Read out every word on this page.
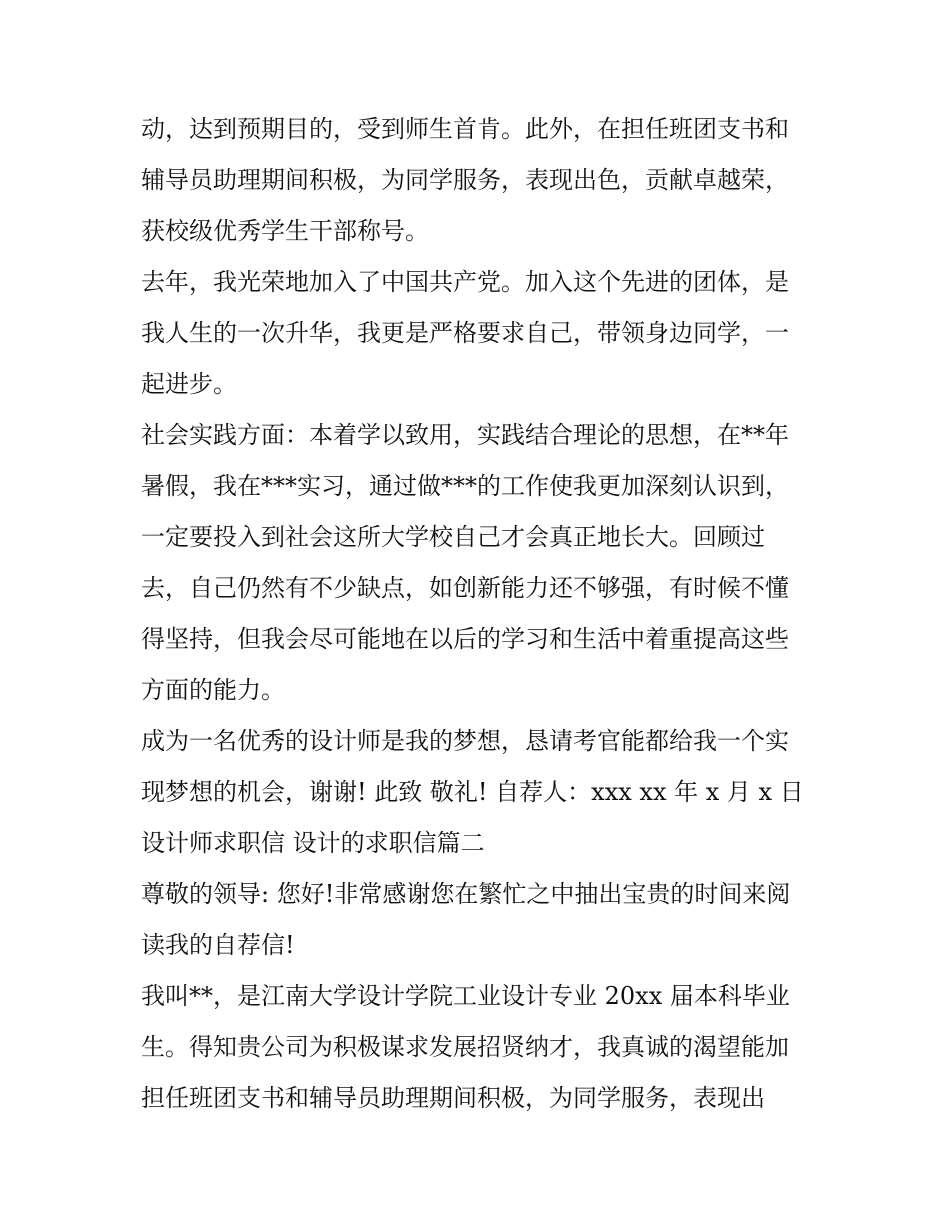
动，达到预期目的，受到师生首肯。此外，在担任班团支书和
辅导员助理期间积极，为同学服务，表现出色，贡献卓越荣，
获校级优秀学生干部称号。
去年，我光荣地加入了中国共产党。加入这个先进的团体，是
我人生的一次升华，我更是严格要求自己，带领身边同学，一
起进步。
社会实践方面：本着学以致用，实践结合理论的思想，在**年
暑假，我在***实习，通过做***的工作使我更加深刻认识到，
一定要投入到社会这所大学校自己才会真正地长大。回顾过
去，自己仍然有不少缺点，如创新能力还不够强，有时候不懂
得坚持，但我会尽可能地在以后的学习和生活中着重提高这些
方面的能力。
成为一名优秀的设计师是我的梦想，恳请考官能都给我一个实
现梦想的机会，谢谢! 此致 敬礼! 自荐人：xxx xx 年 x 月 x 日
设计师求职信 设计的求职信篇二
尊敬的领导: 您好!非常感谢您在繁忙之中抽出宝贵的时间来阅
读我的自荐信!
我叫**，是江南大学设计学院工业设计专业 20xx 届本科毕业
生。得知贵公司为积极谋求发展招贤纳才，我真诚的渴望能加
担任班团支书和辅导员助理期间积极，为同学服务，表现出
